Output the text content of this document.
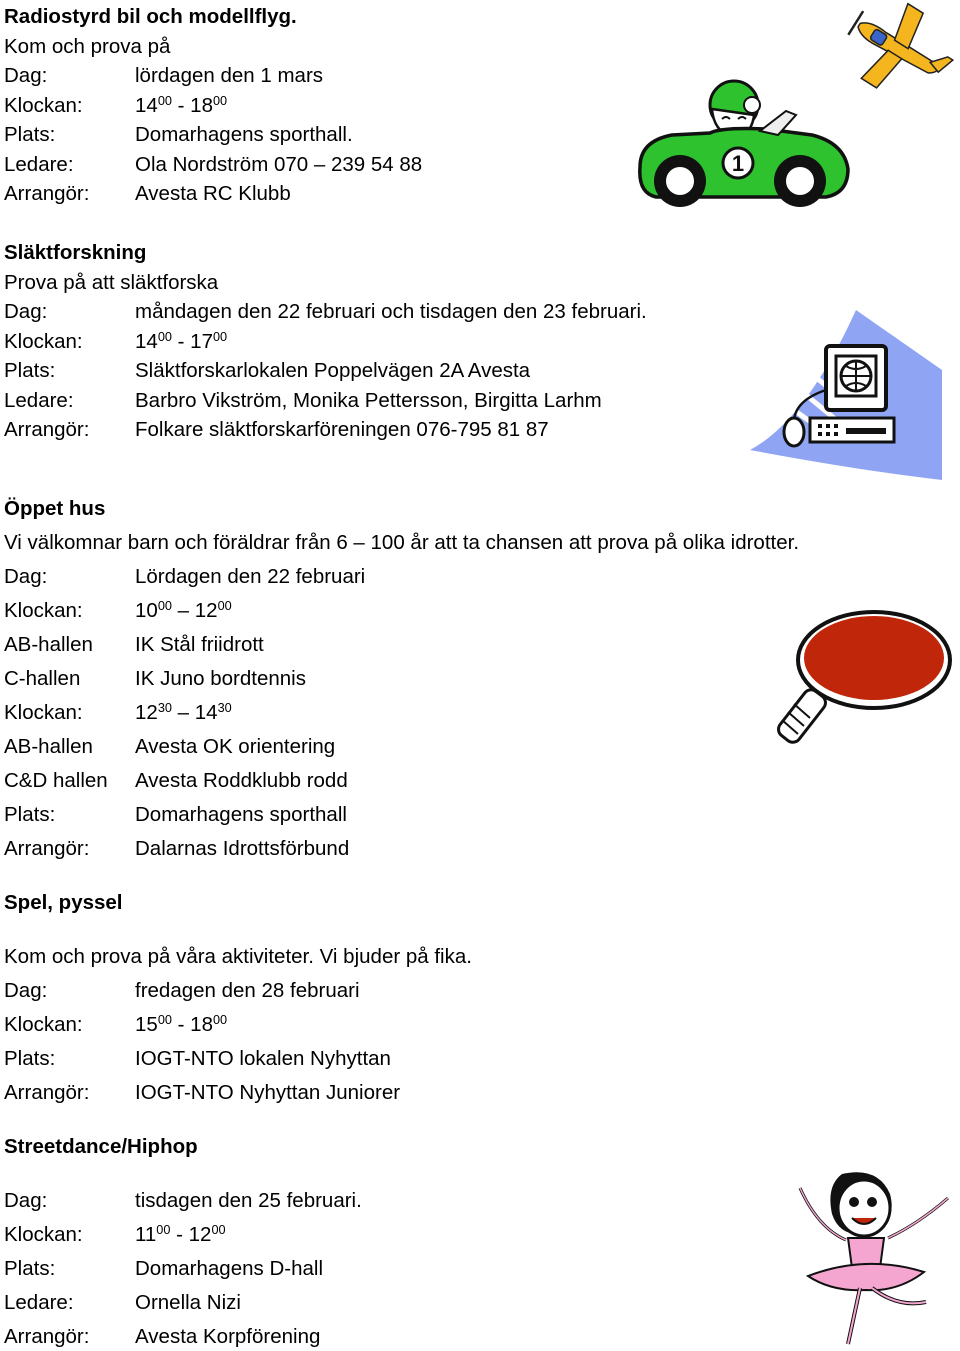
Radiostyrd bil och modellflyg.
Kom och prova på
Dag:	lördagen den 1 mars
Klockan:	$14^{00} - 18^{00}$
Plats:	Domarhagens sporthall.
Ledare:	Ola Nordström 070 – 239 54 88
Arrangör: Avesta RC Klubb
Släktforskning
Prova på att släktforska
Dag:	måndagen den 22 februari och tisdagen den 23 februari.
Klockan:	$14^{00} - 17^{00}$
Plats:	Släktforskarlokalen Poppelvägen 2A Avesta
Ledare:	Barbro Vikström, Monika Pettersson, Birgitta Larhm
Arrangör: Folkare släktforskarföreningen 076-795 81 87
Öppet hus
Vi välkomnar barn och föräldrar från 6 – 100 år att ta chansen att prova på olika idrotter.
Dag:	Lördagen den 22 februari
Klockan:	$10^{00} - 12^{00}$
AB-hallen IK Stål friidrott
C-hallen	IK Juno bordtennis
Klockan:	$12^{30} - 14^{30}$
AB-hallen Avesta OK orientering
C&D hallen Avesta Roddklubb rodd
Plats:	Domarhagens sporthall
Arrangör: Dalarnas Idrottsförbund
Spel, pyssel
Kom och prova på våra aktiviteter. Vi bjuder på fika.
Dag:	fredagen den 28 februari
Klockan:	$15^{00} - 18^{00}$
Plats:	IOGT-NTO lokalen Nyhyttan
Arrangör: IOGT-NTO Nyhyttan Juniorer
Streetdance/Hiphop
Dag:	tisdagen den 25 februari.
Klockan:	$11^{00} - 12^{00}$
Plats:	Domarhagens D-hall
Ledare:	Ornella Nizi
Arrangör: Avesta Korpförening
1
